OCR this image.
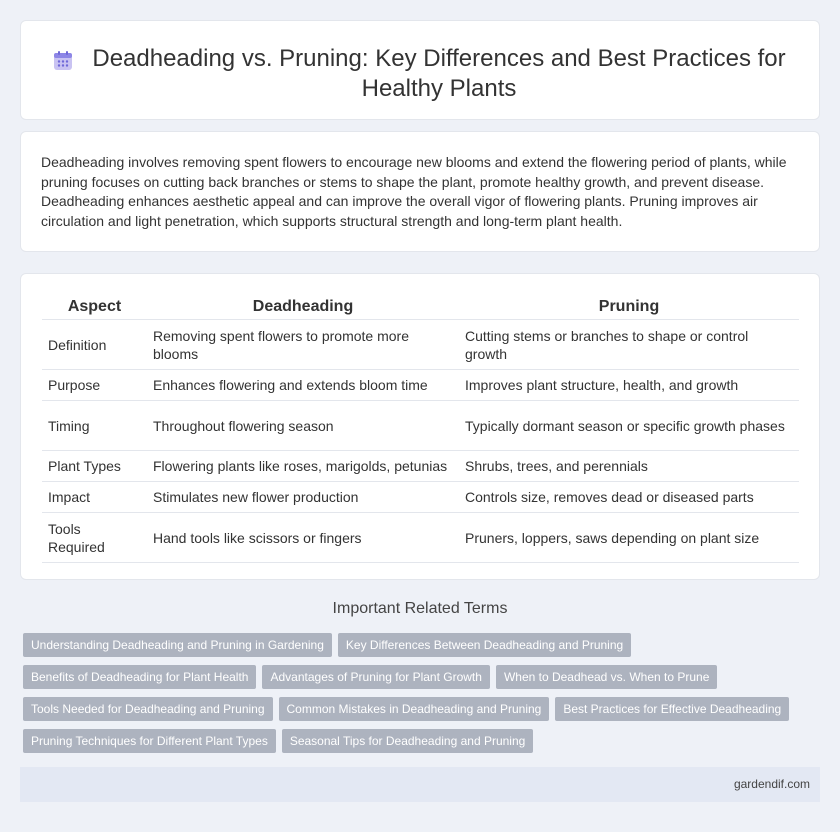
Deadheading vs. Pruning: Key Differences and Best Practices for Healthy Plants

Deadheading involves removing spent flowers to encourage new blooms and extend the flowering period of plants, while pruning focuses on cutting back branches or stems to shape the plant, promote healthy growth, and prevent disease. Deadheading enhances aesthetic appeal and can improve the overall vigor of flowering plants. Pruning improves air circulation and light penetration, which supports structural strength and long-term plant health.

Aspect	Deadheading	Pruning
Definition	Removing spent flowers to promote more blooms	Cutting stems or branches to shape or control growth
Purpose	Enhances flowering and extends bloom time	Improves plant structure, health, and growth
Timing	Throughout flowering season	Typically dormant season or specific growth phases
Plant Types	Flowering plants like roses, marigolds, petunias	Shrubs, trees, and perennials
Impact	Stimulates new flower production	Controls size, removes dead or diseased parts
Tools Required	Hand tools like scissors or fingers	Pruners, loppers, saws depending on plant size
Important Related Terms
Understanding Deadheading and Pruning in Gardening	Key Differences Between Deadheading and Pruning
Benefits of Deadheading for Plant Health	Advantages of Pruning for Plant Growth	When to Deadhead vs. When to Prune
Tools Needed for Deadheading and Pruning	Common Mistakes in Deadheading and Pruning	Best Practices for Effective Deadheading
Pruning Techniques for Different Plant Types	Seasonal Tips for Deadheading and Pruning
gardendif.com
